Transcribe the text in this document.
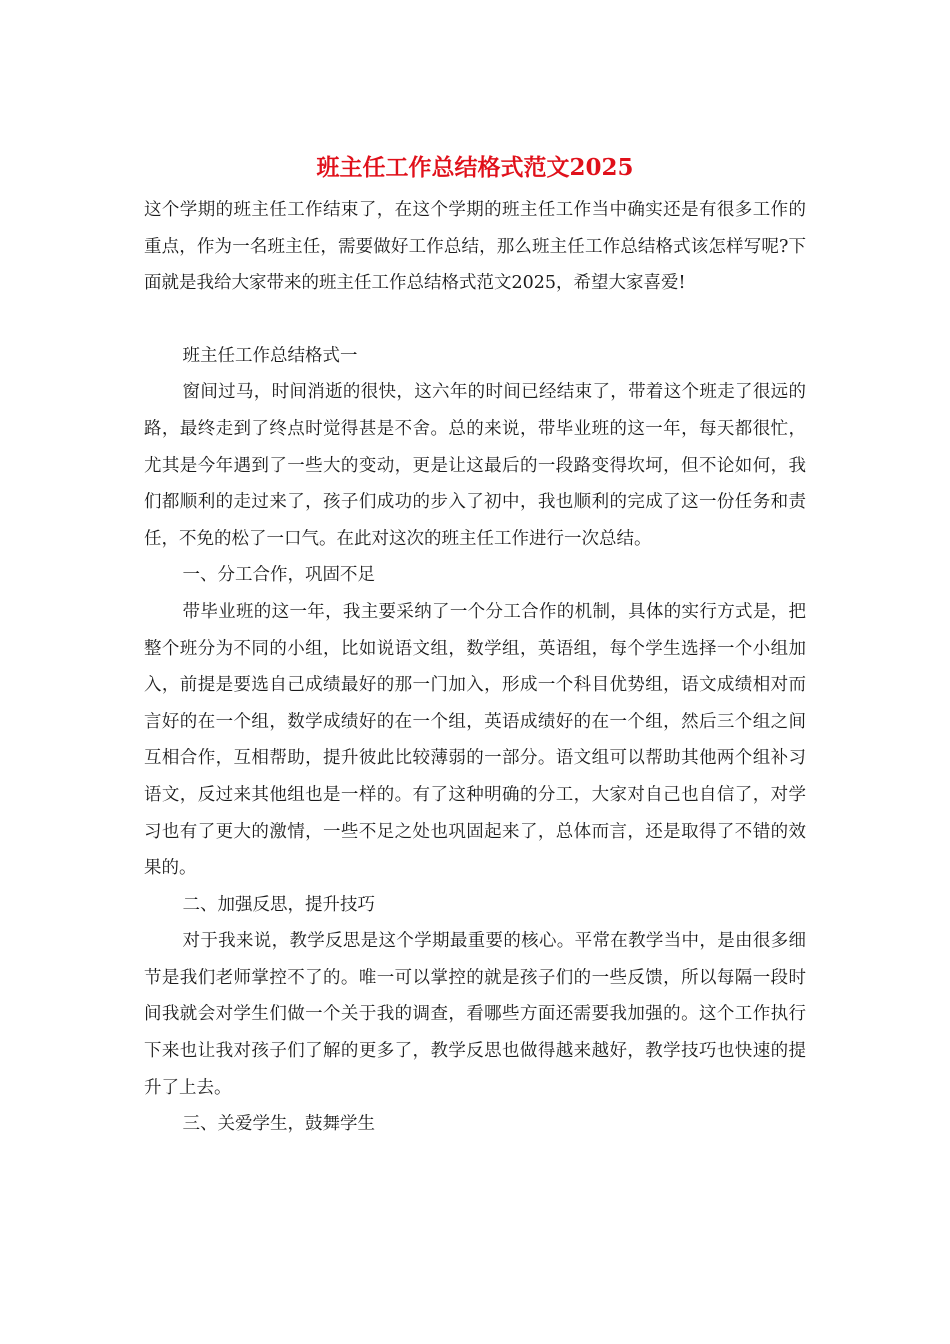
班主任工作总结格式范文2025

这个学期的班主任工作结束了，在这个学期的班主任工作当中确实还是有很多工作的重点，作为一名班主任，需要做好工作总结，那么班主任工作总结格式该怎样写呢?下面就是我给大家带来的班主任工作总结格式范文2025，希望大家喜爱!

班主任工作总结格式一

窗间过马，时间消逝的很快，这六年的时间已经结束了，带着这个班走了很远的路，最终走到了终点时觉得甚是不舍。总的来说，带毕业班的这一年，每天都很忙，尤其是今年遇到了一些大的变动，更是让这最后的一段路变得坎坷，但不论如何，我们都顺利的走过来了，孩子们成功的步入了初中，我也顺利的完成了这一份任务和责任，不免的松了一口气。在此对这次的班主任工作进行一次总结。

一、分工合作，巩固不足

带毕业班的这一年，我主要采纳了一个分工合作的机制，具体的实行方式是，把整个班分为不同的小组，比如说语文组，数学组，英语组，每个学生选择一个小组加入，前提是要选自己成绩最好的那一门加入，形成一个科目优势组，语文成绩相对而言好的在一个组，数学成绩好的在一个组，英语成绩好的在一个组，然后三个组之间互相合作，互相帮助，提升彼此比较薄弱的一部分。语文组可以帮助其他两个组补习语文，反过来其他组也是一样的。有了这种明确的分工，大家对自己也自信了，对学习也有了更大的激情，一些不足之处也巩固起来了，总体而言，还是取得了不错的效果的。

二、加强反思，提升技巧

对于我来说，教学反思是这个学期最重要的核心。平常在教学当中，是由很多细节是我们老师掌控不了的。唯一可以掌控的就是孩子们的一些反馈，所以每隔一段时间我就会对学生们做一个关于我的调查，看哪些方面还需要我加强的。这个工作执行下来也让我对孩子们了解的更多了，教学反思也做得越来越好，教学技巧也快速的提升了上去。

三、关爱学生，鼓舞学生
